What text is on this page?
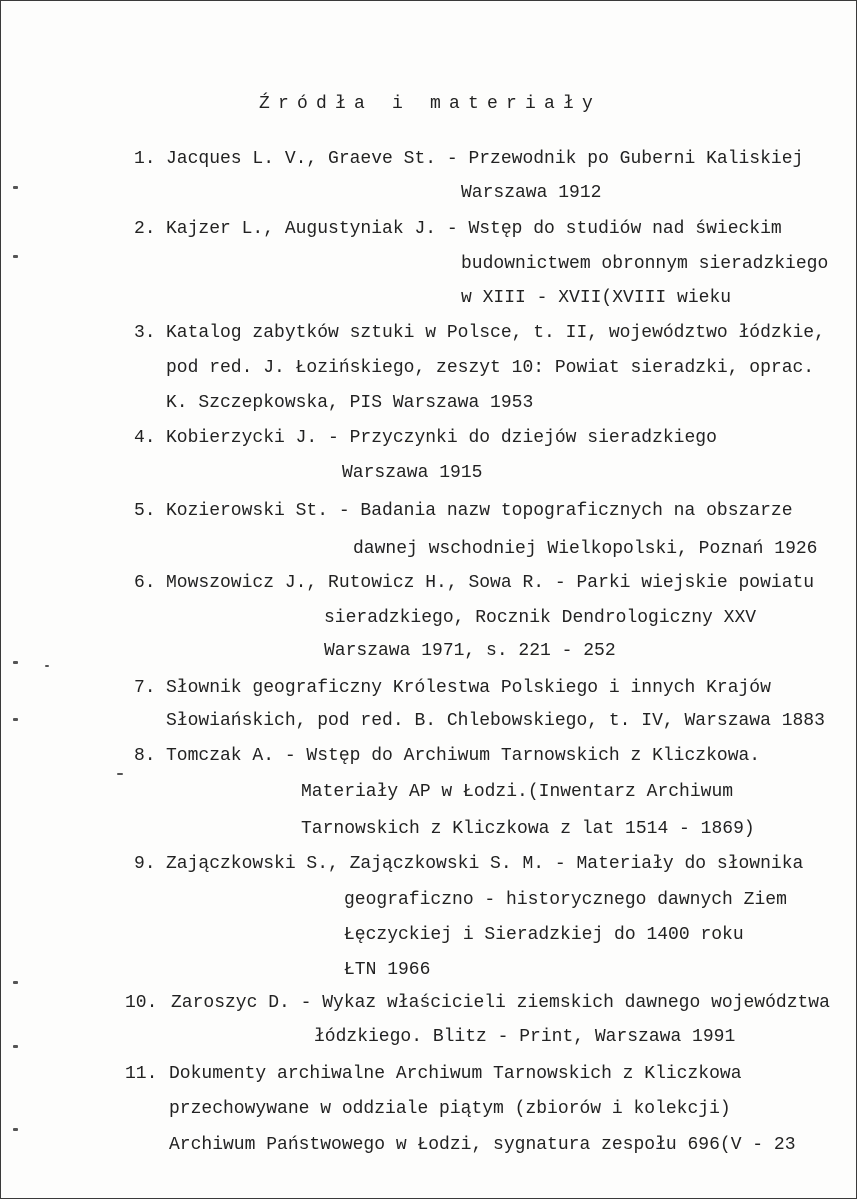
Źródła i materiały
1. Jacques L. V., Graeve St. - Przewodnik po Guberni Kaliskiej
Warszawa 1912
2. Kajzer L., Augustyniak J. - Wstęp do studiów nad świeckim
budownictwem obronnym sieradzkiego
w XIII - XVII(XVIII wieku
3. Katalog zabytków sztuki w Polsce, t. II, województwo łódzkie,
pod red. J. Łozińskiego, zeszyt 10: Powiat sieradzki, oprac.
K. Szczepkowska, PIS Warszawa 1953
4. Kobierzycki J. - Przyczynki do dziejów sieradzkiego
Warszawa 1915
5. Kozierowski St. - Badania nazw topograficznych na obszarze
dawnej wschodniej Wielkopolski, Poznań 1926
6. Mowszowicz J., Rutowicz H., Sowa R. - Parki wiejskie powiatu
sieradzkiego, Rocznik Dendrologiczny XXV
Warszawa 1971, s. 221 - 252
7. Słownik geograficzny Królestwa Polskiego i innych Krajów
Słowiańskich, pod red. B. Chlebowskiego, t. IV, Warszawa 1883
8. Tomczak A. - Wstęp do Archiwum Tarnowskich z Kliczkowa.
Materiały AP w Łodzi.(Inwentarz Archiwum
Tarnowskich z Kliczkowa z lat 1514 - 1869)
9. Zajączkowski S., Zajączkowski S. M. - Materiały do słownika
geograficzno - historycznego dawnych Ziem
Łęczyckiej i Sieradzkiej do 1400 roku
ŁTN 1966
10. Zaroszyc D. - Wykaz właścicieli ziemskich dawnego województwa
łódzkiego. Blitz - Print, Warszawa 1991
11. Dokumenty archiwalne Archiwum Tarnowskich z Kliczkowa
przechowywane w oddziale piątym (zbiorów i kolekcji)
Archiwum Państwowego w Łodzi, sygnatura zespołu 696(V - 23
